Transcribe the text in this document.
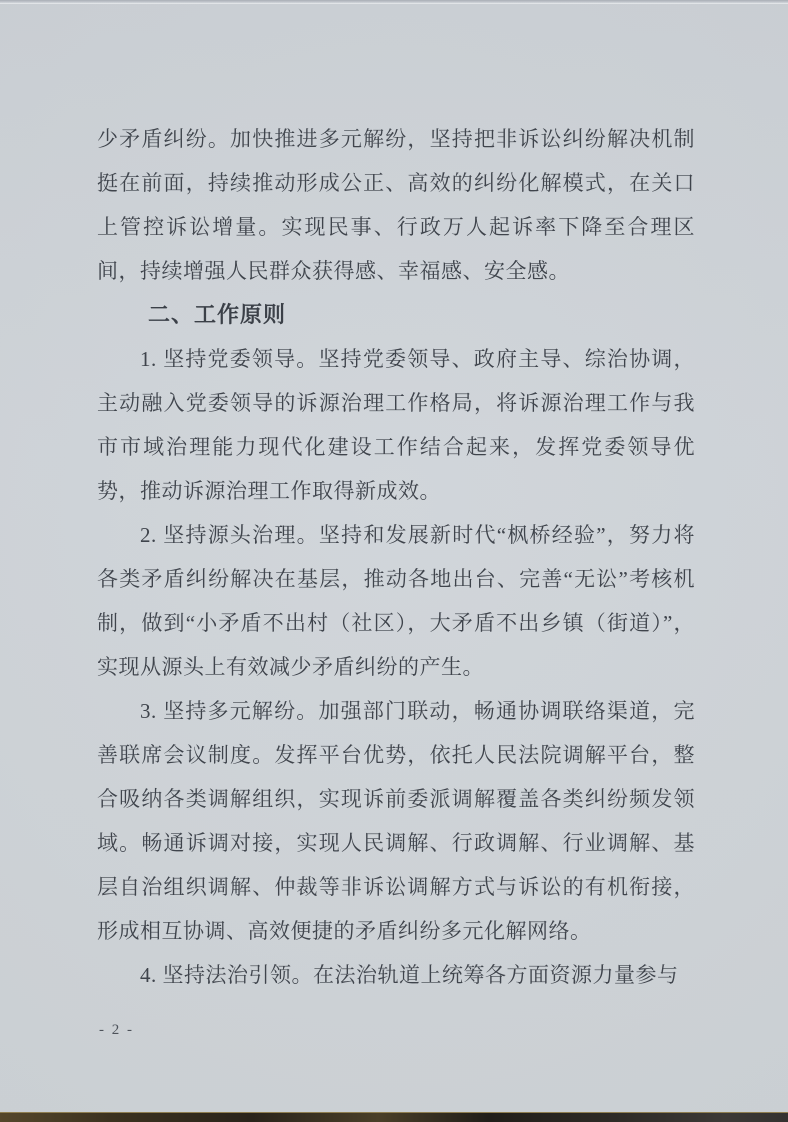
少矛盾纠纷。加快推进多元解纷，坚持把非诉讼纠纷解决机制挺在前面，持续推动形成公正、高效的纠纷化解模式，在关口上管控诉讼增量。实现民事、行政万人起诉率下降至合理区间，持续增强人民群众获得感、幸福感、安全感。

二、工作原则

1. 坚持党委领导。坚持党委领导、政府主导、综治协调，主动融入党委领导的诉源治理工作格局，将诉源治理工作与我市市域治理能力现代化建设工作结合起来，发挥党委领导优势，推动诉源治理工作取得新成效。

2. 坚持源头治理。坚持和发展新时代“枫桥经验”，努力将各类矛盾纠纷解决在基层，推动各地出台、完善“无讼”考核机制，做到“小矛盾不出村（社区），大矛盾不出乡镇（街道）”，实现从源头上有效减少矛盾纠纷的产生。

3. 坚持多元解纷。加强部门联动，畅通协调联络渠道，完善联席会议制度。发挥平台优势，依托人民法院调解平台，整合吸纳各类调解组织，实现诉前委派调解覆盖各类纠纷频发领域。畅通诉调对接，实现人民调解、行政调解、行业调解、基层自治组织调解、仲裁等非诉讼调解方式与诉讼的有机衔接，形成相互协调、高效便捷的矛盾纠纷多元化解网络。

4. 坚持法治引领。在法治轨道上统筹各方面资源力量参与

- 2 -
